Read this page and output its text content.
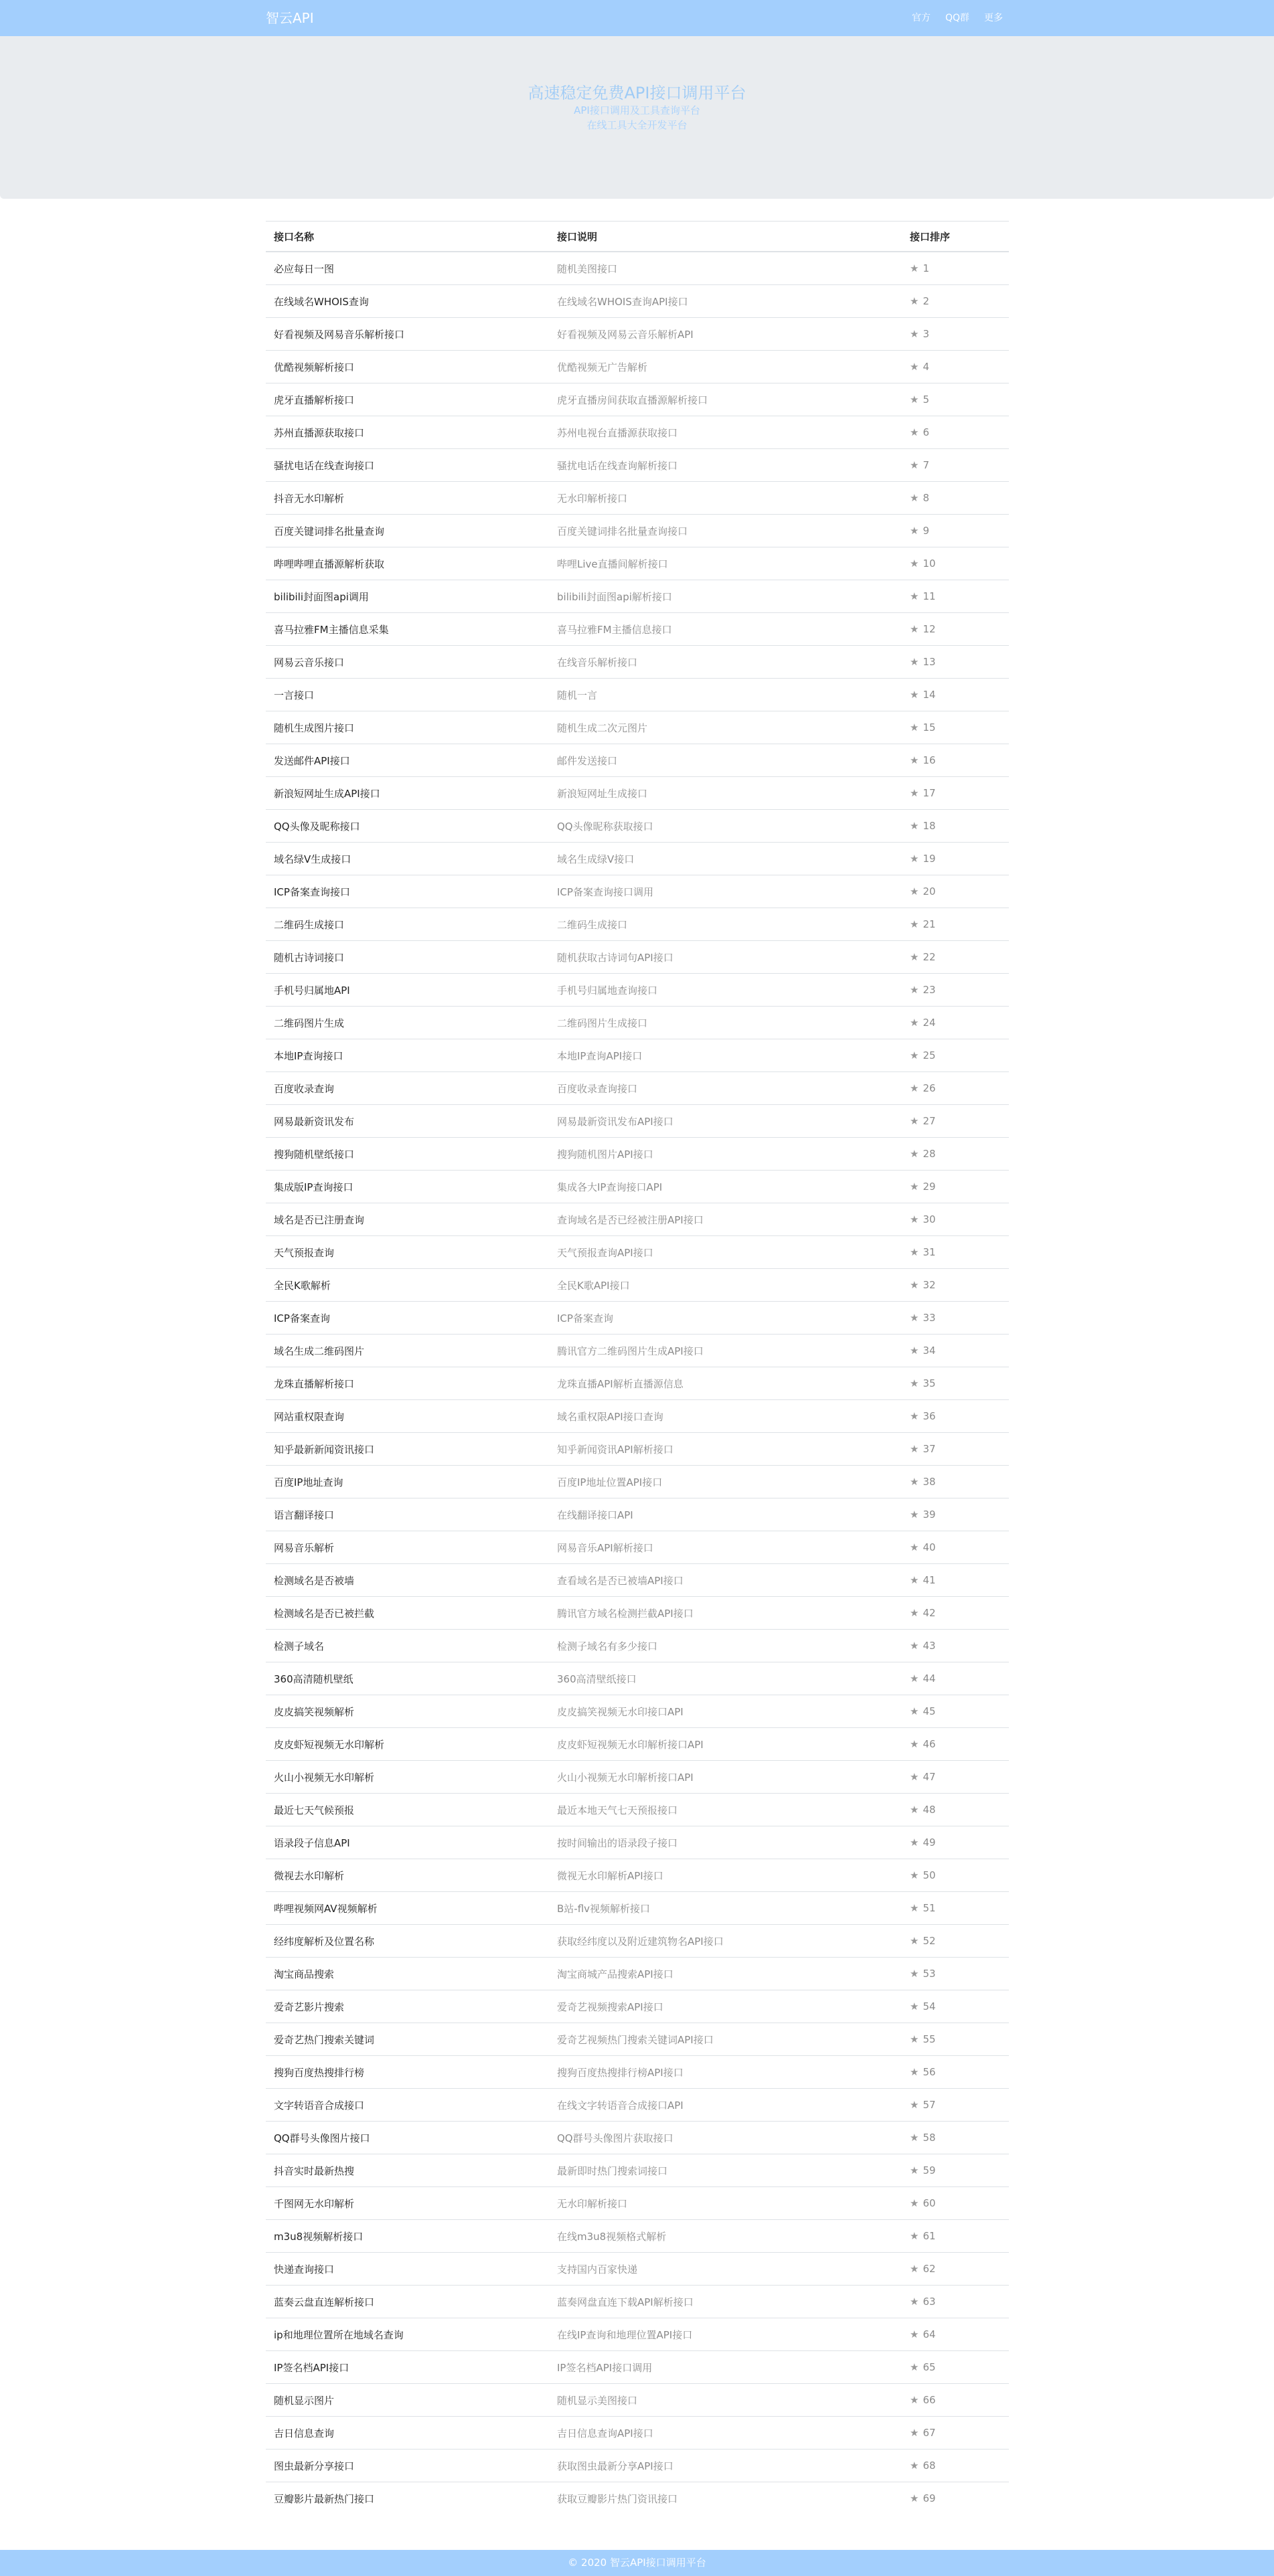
智云API	官方 QQ群 更多
高速稳定免费API接口调用平台
API接口调用及工具查询平台
在线工具大全开发平台
接口名称	接口说明	接口排序
必应每日一图	随机美图接口	★ 1
在线域名WHOIS查询	在线域名WHOIS查询API接口	★ 2
好看视频及网易音乐解析接口	好看视频及网易云音乐解析API	★ 3
优酷视频解析接口	优酷视频无广告解析	★ 4
虎牙直播解析接口	虎牙直播房间获取直播源解析接口	★ 5
苏州直播源获取接口	苏州电视台直播源获取接口	★ 6
骚扰电话在线查询接口	骚扰电话在线查询解析接口	★ 7
抖音无水印解析	无水印解析接口	★ 8
百度关键词排名批量查询	百度关键词排名批量查询接口	★ 9
哔哩哔哩直播源解析获取	哔哩Live直播间解析接口	★ 10
bilibili封面图api调用	bilibili封面图api解析接口	★ 11
喜马拉雅FM主播信息采集	喜马拉雅FM主播信息接口	★ 12
网易云音乐接口	在线音乐解析接口	★ 13
一言接口	随机一言	★ 14
随机生成图片接口	随机生成二次元图片	★ 15
发送邮件API接口	邮件发送接口	★ 16
新浪短网址生成API接口	新浪短网址生成接口	★ 17
QQ头像及昵称接口	QQ头像昵称获取接口	★ 18
域名绿V生成接口	域名生成绿V接口	★ 19
ICP备案查询接口	ICP备案查询接口调用	★ 20
二维码生成接口	二维码生成接口	★ 21
随机古诗词接口	随机获取古诗词句API接口	★ 22
手机号归属地API	手机号归属地查询接口	★ 23
二维码图片生成	二维码图片生成接口	★ 24
本地IP查询接口	本地IP查询API接口	★ 25
百度收录查询	百度收录查询接口	★ 26
网易最新资讯发布	网易最新资讯发布API接口	★ 27
搜狗随机壁纸接口	搜狗随机图片API接口	★ 28
集成版IP查询接口	集成各大IP查询接口API	★ 29
域名是否已注册查询	查询域名是否已经被注册API接口	★ 30
天气预报查询	天气预报查询API接口	★ 31
全民K歌解析	全民K歌API接口	★ 32
ICP备案查询	ICP备案查询	★ 33
域名生成二维码图片	腾讯官方二维码图片生成API接口	★ 34
龙珠直播解析接口	龙珠直播API解析直播源信息	★ 35
网站重权限查询	域名重权限API接口查询	★ 36
知乎最新新闻资讯接口	知乎新闻资讯API解析接口	★ 37
百度IP地址查询	百度IP地址位置API接口	★ 38
语言翻译接口	在线翻译接口API	★ 39
网易音乐解析	网易音乐API解析接口	★ 40
检测域名是否被墙	查看域名是否已被墙API接口	★ 41
检测域名是否已被拦截	腾讯官方域名检测拦截API接口	★ 42
检测子域名	检测子域名有多少接口	★ 43
360高清随机壁纸	360高清壁纸接口	★ 44
皮皮搞笑视频解析	皮皮搞笑视频无水印接口API	★ 45
皮皮虾短视频无水印解析	皮皮虾短视频无水印解析接口API	★ 46
火山小视频无水印解析	火山小视频无水印解析接口API	★ 47
最近七天气候预报	最近本地天气七天预报接口	★ 48
语录段子信息API	按时间输出的语录段子接口	★ 49
微视去水印解析	微视无水印解析API接口	★ 50
哔哩视频网AV视频解析	B站-flv视频解析接口	★ 51
经纬度解析及位置名称	获取经纬度以及附近建筑物名API接口	★ 52
淘宝商品搜索	淘宝商城产品搜索API接口	★ 53
爱奇艺影片搜索	爱奇艺视频搜索API接口	★ 54
爱奇艺热门搜索关键词	爱奇艺视频热门搜索关键词API接口	★ 55
搜狗百度热搜排行榜	搜狗百度热搜排行榜API接口	★ 56
文字转语音合成接口	在线文字转语音合成接口API	★ 57
QQ群号头像图片接口	QQ群号头像图片获取接口	★ 58
抖音实时最新热搜	最新即时热门搜索词接口	★ 59
千图网无水印解析	无水印解析接口	★ 60
m3u8视频解析接口	在线m3u8视频格式解析	★ 61
快递查询接口	支持国内百家快递	★ 62
蓝奏云盘直连解析接口	蓝奏网盘直连下载API解析接口	★ 63
ip和地理位置所在地域名查询	在线IP查询和地理位置API接口	★ 64
IP签名档API接口	IP签名档API接口调用	★ 65
随机显示图片	随机显示美图接口	★ 66
吉日信息查询	吉日信息查询API接口	★ 67
图虫最新分享接口	获取图虫最新分享API接口	★ 68
豆瓣影片最新热门接口	获取豆瓣影片热门资讯接口	★ 69
© 2020 智云API接口调用平台
